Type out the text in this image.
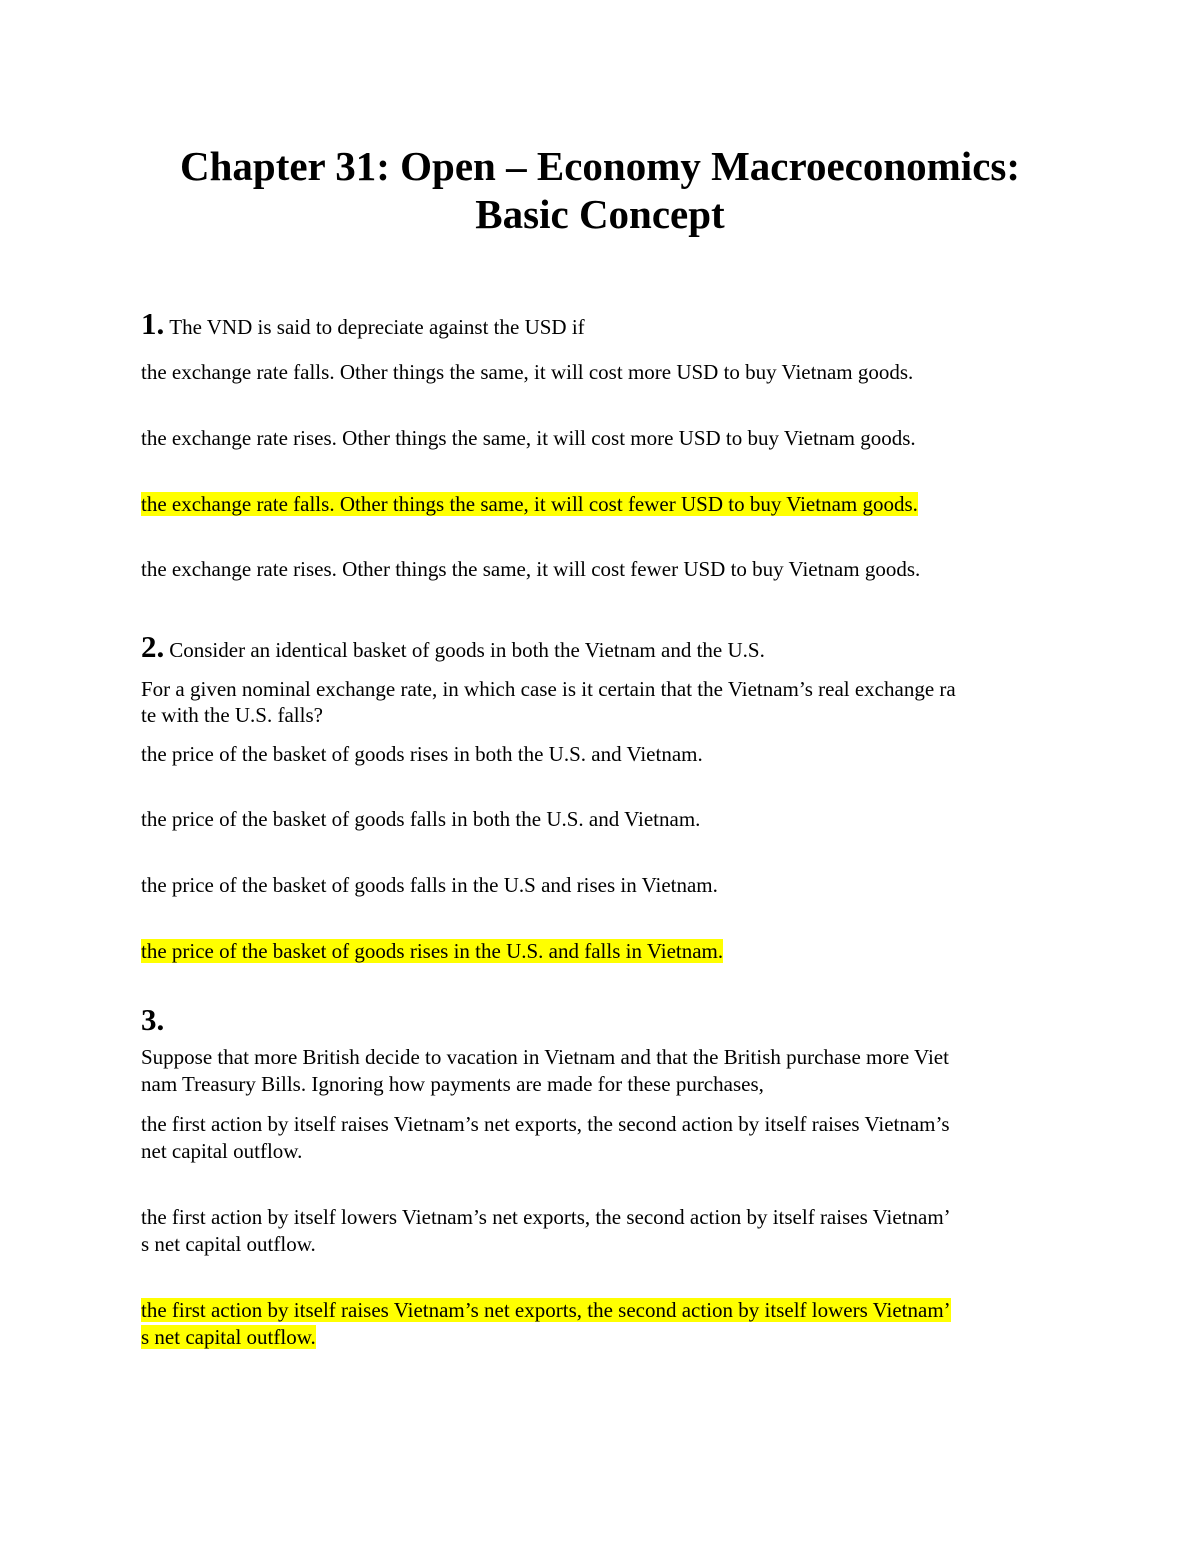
Chapter 31: Open – Economy Macroeconomics:
Basic Concept
1. The VND is said to depreciate against the USD if
the exchange rate falls. Other things the same, it will cost more USD to buy Vietnam goods.
the exchange rate rises. Other things the same, it will cost more USD to buy Vietnam goods.
the exchange rate falls. Other things the same, it will cost fewer USD to buy Vietnam goods.
the exchange rate rises. Other things the same, it will cost fewer USD to buy Vietnam goods.
2. Consider an identical basket of goods in both the Vietnam and the U.S.
For a given nominal exchange rate, in which case is it certain that the Vietnam’s real exchange ra
te with the U.S. falls?
the price of the basket of goods rises in both the U.S. and Vietnam.
the price of the basket of goods falls in both the U.S. and Vietnam.
the price of the basket of goods falls in the U.S and rises in Vietnam.
the price of the basket of goods rises in the U.S. and falls in Vietnam.
3.
Suppose that more British decide to vacation in Vietnam and that the British purchase more Viet
nam Treasury Bills. Ignoring how payments are made for these purchases,
the first action by itself raises Vietnam’s net exports, the second action by itself raises Vietnam’s
net capital outflow.
the first action by itself lowers Vietnam’s net exports, the second action by itself raises Vietnam’
s net capital outflow.
the first action by itself raises Vietnam’s net exports, the second action by itself lowers Vietnam’
s net capital outflow.
